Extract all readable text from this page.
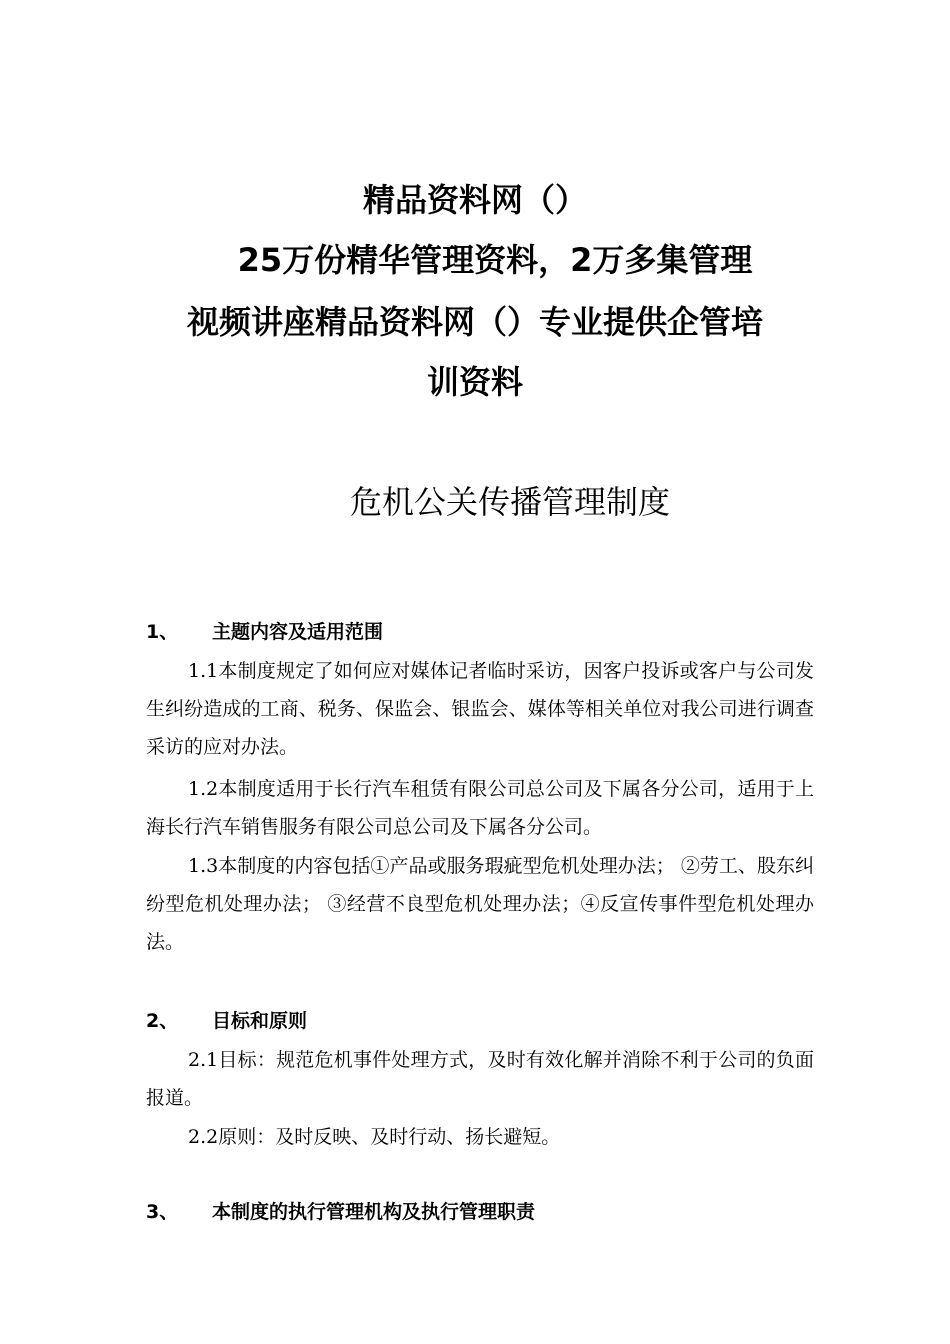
精品资料网（）
25万份精华管理资料，2万多集管理
视频讲座精品资料网（）专业提供企管培
训资料
危机公关传播管理制度
1、 主题内容及适用范围

1.1本制度规定了如何应对媒体记者临时采访，因客户投诉或客户与公司发生纠纷造成的工商、税务、保监会、银监会、媒体等相关单位对我公司进行调查采访的应对办法。

1.2本制度适用于长行汽车租赁有限公司总公司及下属各分公司，适用于上海长行汽车销售服务有限公司总公司及下属各分公司。

1.3本制度的内容包括①产品或服务瑕疵型危机处理办法； ②劳工、股东纠纷型危机处理办法； ③经营不良型危机处理办法；④反宣传事件型危机处理办法。

2、 目标和原则

2.1目标：规范危机事件处理方式，及时有效化解并消除不利于公司的负面报道。

2.2原则：及时反映、及时行动、扬长避短。

3、 本制度的执行管理机构及执行管理职责
